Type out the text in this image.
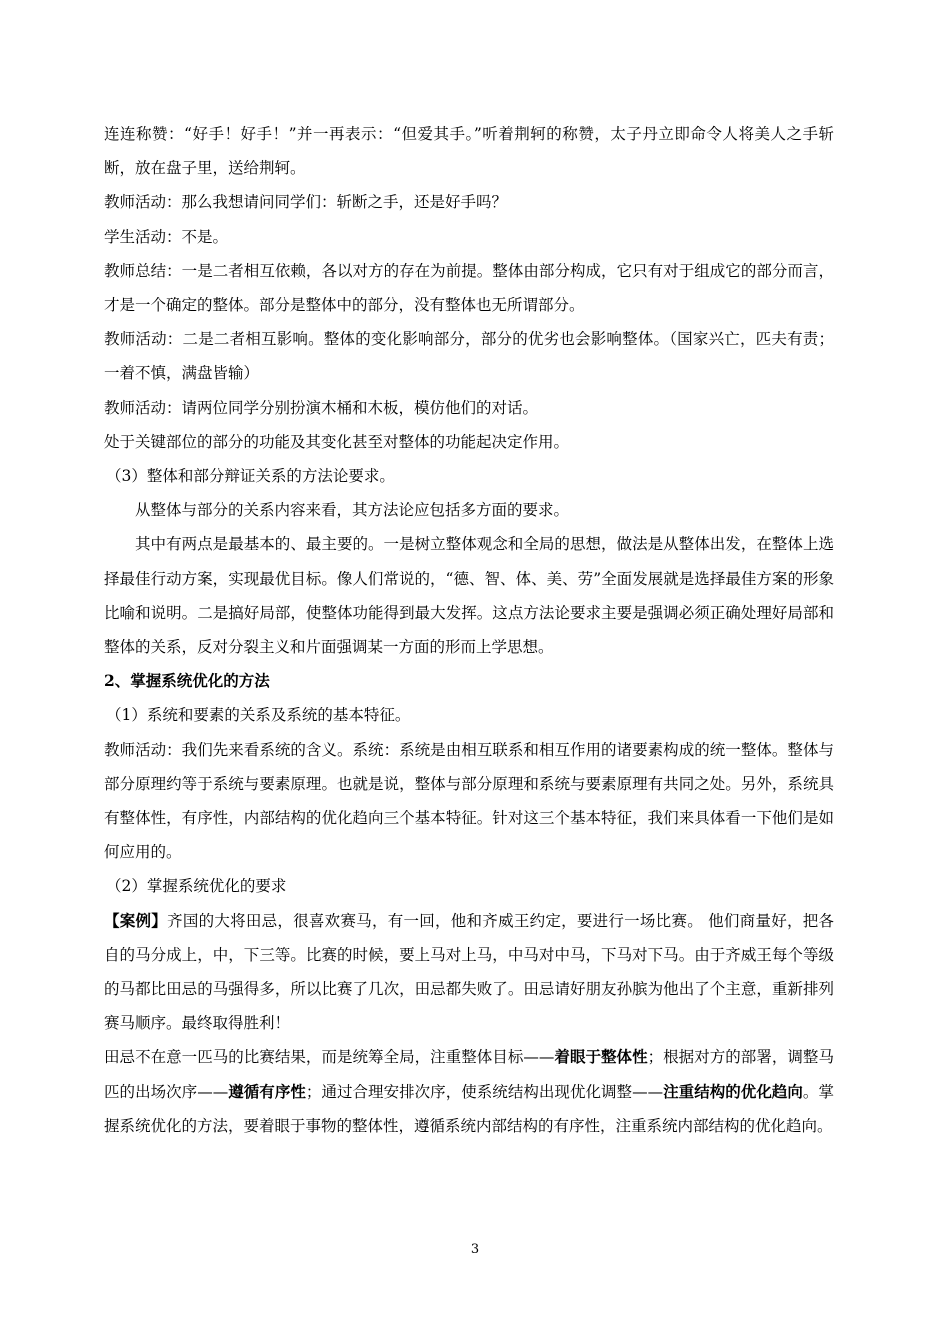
连连称赞：“好手！好手！”并一再表示：“但爱其手。”听着荆轲的称赞，太子丹立即命令人将美人之手斩断，放在盘子里，送给荆轲。

教师活动：那么我想请问同学们：斩断之手，还是好手吗？

学生活动：不是。

教师总结：一是二者相互依赖，各以对方的存在为前提。整体由部分构成，它只有对于组成它的部分而言，才是一个确定的整体。部分是整体中的部分，没有整体也无所谓部分。

教师活动：二是二者相互影响。整体的变化影响部分，部分的优劣也会影响整体。（国家兴亡，匹夫有责；一着不慎，满盘皆输）

教师活动：请两位同学分别扮演木桶和木板，模仿他们的对话。

处于关键部位的部分的功能及其变化甚至对整体的功能起决定作用。

（3）整体和部分辩证关系的方法论要求。

从整体与部分的关系内容来看，其方法论应包括多方面的要求。

其中有两点是最基本的、最主要的。一是树立整体观念和全局的思想，做法是从整体出发，在整体上选择最佳行动方案，实现最优目标。像人们常说的，“德、智、体、美、劳”全面发展就是选择最佳方案的形象比喻和说明。二是搞好局部，使整体功能得到最大发挥。这点方法论要求主要是强调必须正确处理好局部和整体的关系，反对分裂主义和片面强调某一方面的形而上学思想。

2、掌握系统优化的方法

（1）系统和要素的关系及系统的基本特征。

教师活动：我们先来看系统的含义。系统：系统是由相互联系和相互作用的诸要素构成的统一整体。整体与部分原理约等于系统与要素原理。也就是说，整体与部分原理和系统与要素原理有共同之处。另外，系统具有整体性，有序性，内部结构的优化趋向三个基本特征。针对这三个基本特征，我们来具体看一下他们是如何应用的。

（2）掌握系统优化的要求

【案例】齐国的大将田忌，很喜欢赛马，有一回，他和齐威王约定，要进行一场比赛。 他们商量好，把各自的马分成上，中，下三等。比赛的时候，要上马对上马，中马对中马，下马对下马。由于齐威王每个等级的马都比田忌的马强得多，所以比赛了几次，田忌都失败了。田忌请好朋友孙膑为他出了个主意，重新排列赛马顺序。最终取得胜利！

田忌不在意一匹马的比赛结果，而是统筹全局，注重整体目标——着眼于整体性；根据对方的部署，调整马匹的出场次序——遵循有序性；通过合理安排次序，使系统结构出现优化调整——注重结构的优化趋向。掌握系统优化的方法，要着眼于事物的整体性，遵循系统内部结构的有序性，注重系统内部结构的优化趋向。

3
